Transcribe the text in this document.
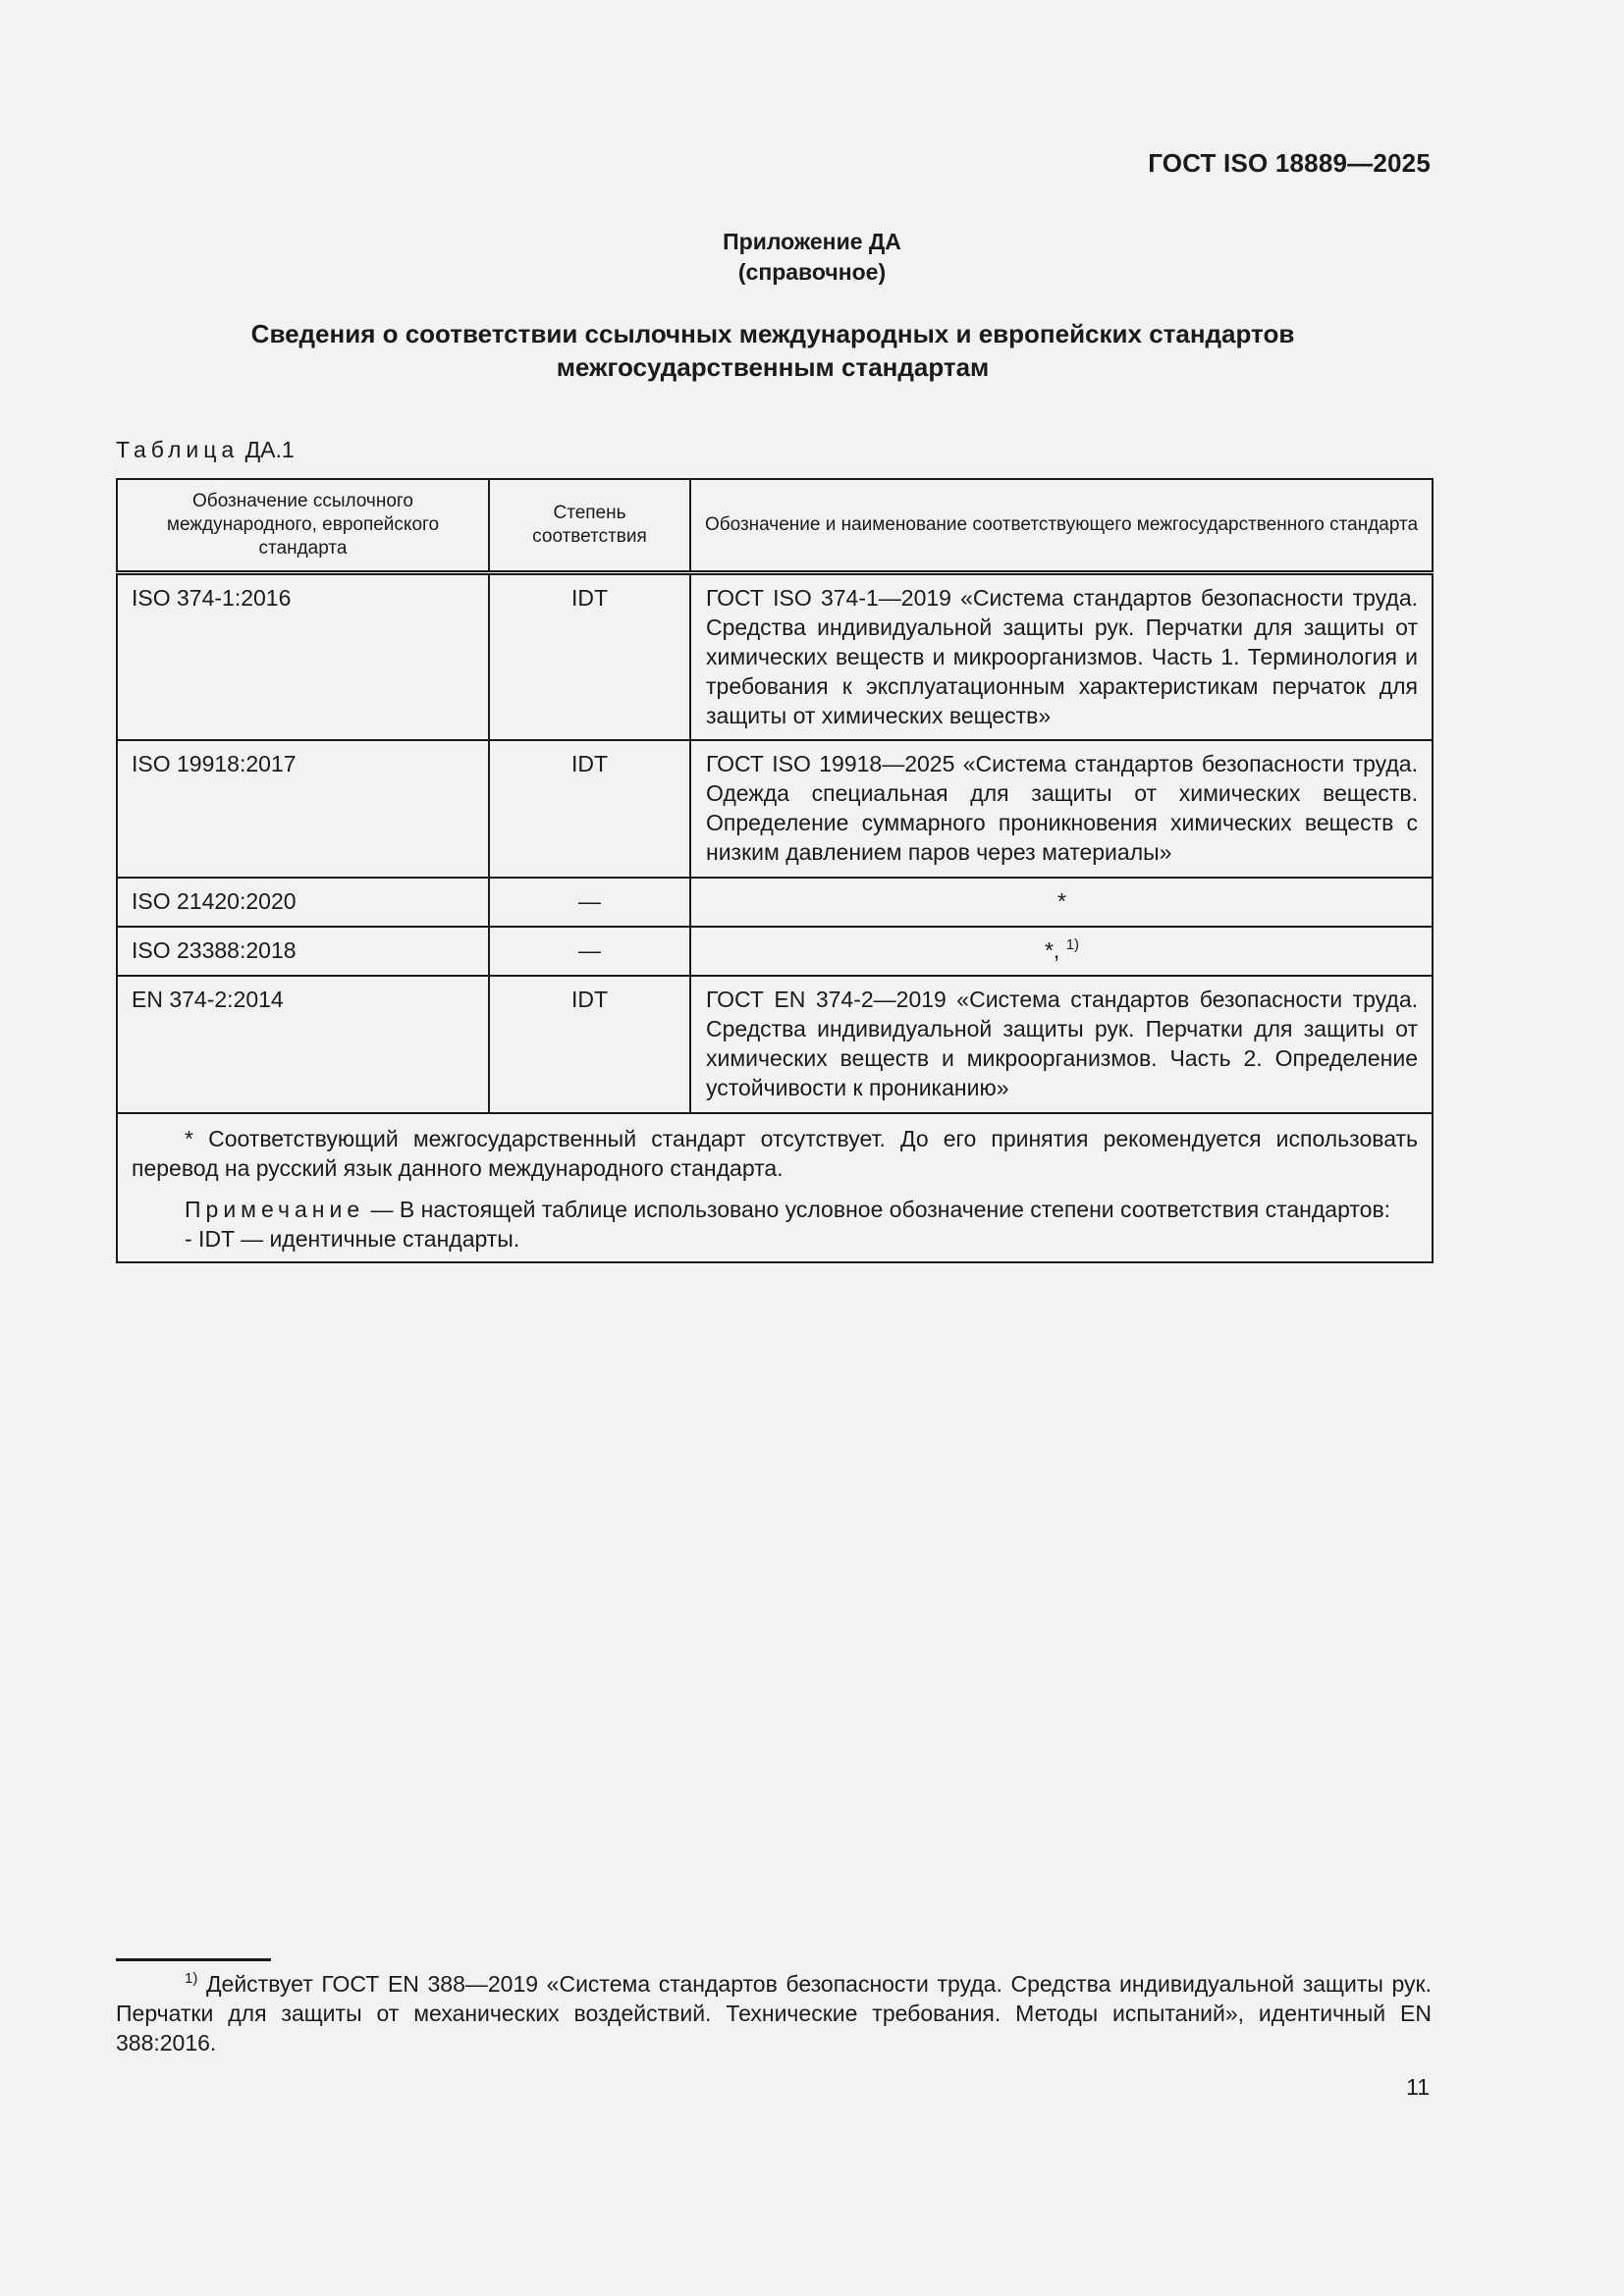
ГОСТ ISO 18889—2025
Приложение ДА
(справочное)
Сведения о соответствии ссылочных международных и европейских стандартов
межгосударственным стандартам
Таблица ДА.1
Обозначение ссылочного международного, европейского стандарта	Степень соответствия	Обозначение и наименование соответствующего межгосударственного стандарта
ISO 374-1:2016	IDT	ГОСТ ISO 374-1—2019 «Система стандартов безопасности труда. Средства индивидуальной защиты рук. Перчатки для защиты от химических веществ и микроорганизмов. Часть 1. Терминология и требования к эксплуатационным характеристикам перчаток для защиты от химических веществ»
ISO 19918:2017	IDT	ГОСТ ISO 19918—2025 «Система стандартов безопасности труда. Одежда специальная для защиты от химических веществ. Определение суммарного проникновения химических веществ с низким давлением паров через материалы»
ISO 21420:2020	—	*
ISO 23388:2018	—	*, $^{1)}$
EN 374-2:2014	IDT	ГОСТ EN 374-2—2019 «Система стандартов безопасности труда. Средства индивидуальной защиты рук. Перчатки для защиты от химических веществ и микроорганизмов. Часть 2. Определение устойчивости к прониканию»

* Соответствующий межгосударственный стандарт отсутствует. До его принятия рекомендуется использовать перевод на русский язык данного международного стандарта.

Примечание — В настоящей таблице использовано условное обозначение степени соответствия стандартов:

- IDT — идентичные стандарты.		

$^{1)}$ Действует ГОСТ EN 388—2019 «Система стандартов безопасности труда. Средства индивидуальной защиты рук. Перчатки для защиты от механических воздействий. Технические требования. Методы испытаний», идентичный EN 388:2016.
11
